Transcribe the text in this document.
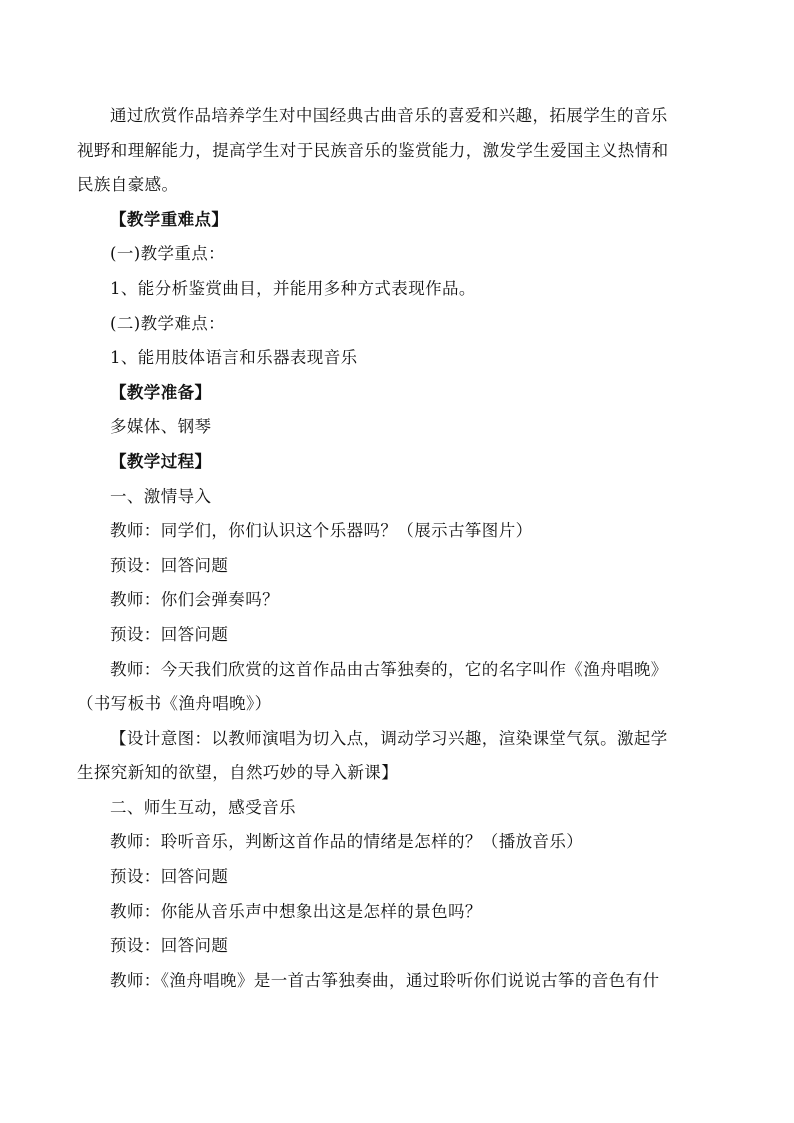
通过欣赏作品培养学生对中国经典古曲音乐的喜爱和兴趣，拓展学生的音乐
视野和理解能力，提高学生对于民族音乐的鉴赏能力，激发学生爱国主义热情和
民族自豪感。
【教学重难点】
(一)教学重点：
1、能分析鉴赏曲目，并能用多种方式表现作品。
(二)教学难点：
1、能用肢体语言和乐器表现音乐
【教学准备】
多媒体、钢琴
【教学过程】
一、激情导入
教师：同学们，你们认识这个乐器吗？（展示古筝图片）
预设：回答问题
教师：你们会弹奏吗？
预设：回答问题
教师：今天我们欣赏的这首作品由古筝独奏的，它的名字叫作《渔舟唱晚》
（书写板书《渔舟唱晚》）
【设计意图：以教师演唱为切入点，调动学习兴趣，渲染课堂气氛。激起学
生探究新知的欲望，自然巧妙的导入新课】
二、师生互动，感受音乐
教师：聆听音乐，判断这首作品的情绪是怎样的？（播放音乐）
预设：回答问题
教师：你能从音乐声中想象出这是怎样的景色吗？
预设：回答问题
教师：《渔舟唱晚》是一首古筝独奏曲，通过聆听你们说说古筝的音色有什
